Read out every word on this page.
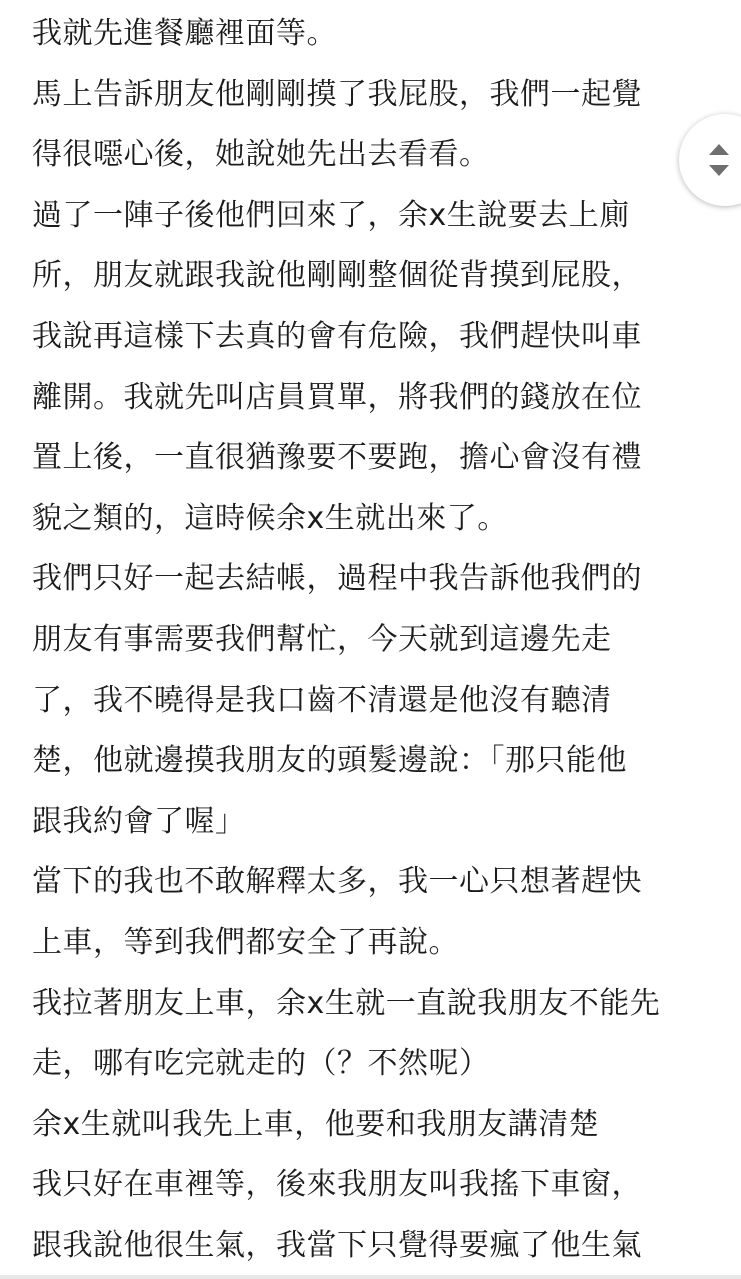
我就先進餐廳裡面等。
馬上告訴朋友他剛剛摸了我屁股，我們一起覺
得很噁心後，她說她先出去看看。
過了一陣子後他們回來了，余x生說要去上廁
所，朋友就跟我說他剛剛整個從背摸到屁股，
我說再這樣下去真的會有危險，我們趕快叫車
離開。我就先叫店員買單，將我們的錢放在位
置上後，一直很猶豫要不要跑，擔心會沒有禮
貌之類的，這時候余x生就出來了。
我們只好一起去結帳，過程中我告訴他我們的
朋友有事需要我們幫忙，今天就到這邊先走
了，我不曉得是我口齒不清還是他沒有聽清
楚，他就邊摸我朋友的頭髮邊說：「那只能他
跟我約會了喔」
當下的我也不敢解釋太多，我一心只想著趕快
上車，等到我們都安全了再說。
我拉著朋友上車，余x生就一直說我朋友不能先
走，哪有吃完就走的（？不然呢）
余x生就叫我先上車，他要和我朋友講清楚
我只好在車裡等，後來我朋友叫我搖下車窗，
跟我說他很生氣，我當下只覺得要瘋了他生氣
